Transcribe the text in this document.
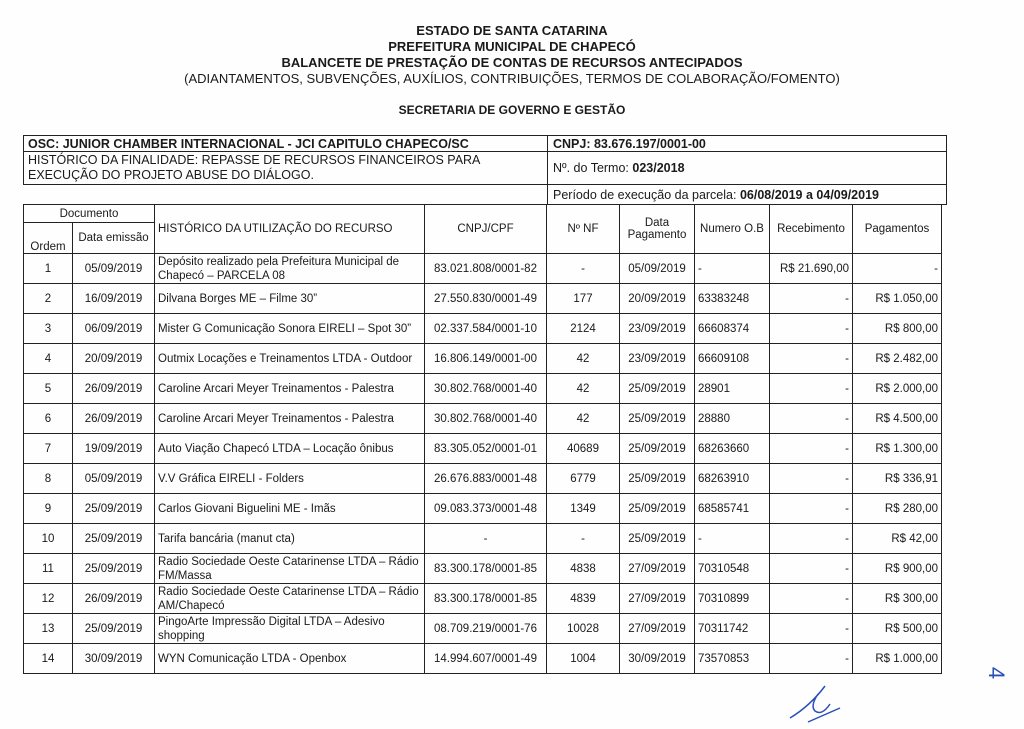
ESTADO DE SANTA CATARINA
PREFEITURA MUNICIPAL DE CHAPECÓ
BALANCETE DE PRESTAÇÃO DE CONTAS DE RECURSOS ANTECIPADOS
(ADIANTAMENTOS, SUBVENÇÕES, AUXÍLIOS, CONTRIBUIÇÕES, TERMOS DE COLABORAÇÃO/FOMENTO)
SECRETARIA DE GOVERNO E GESTÃO
OSC: JUNIOR CHAMBER INTERNACIONAL - JCI CAPITULO CHAPECO/SC	CNPJ: 83.676.197/0001-00
HISTÓRICO DA FINALIDADE: REPASSE DE RECURSOS FINANCEIROS PARA
EXECUÇÃO DO PROJETO ABUSE DO DIÁLOGO.	Nº. do Termo: 023/2018
Período de execução da parcela: 06/08/2019 a 04/09/2019
Documento		HISTÓRICO DA UTILIZAÇÃO DO RECURSO	CNPJ/CPF	Nº NF	Data Pagamento	Numero O.B	Recebimento	Pagamentos
Ordem	Data emissão							
1	05/09/2019	Depósito realizado pela Prefeitura Municipal de Chapecó – PARCELA 08	83.021.808/0001-82	-	05/09/2019	-	R$ 21.690,00	-
2	16/09/2019	Dilvana Borges ME – Filme 30”	27.550.830/0001-49	177	20/09/2019	63383248	-	R$ 1.050,00
3	06/09/2019	Mister G Comunicação Sonora EIRELI – Spot 30”	02.337.584/0001-10	2124	23/09/2019	66608374	-	R$ 800,00
4	20/09/2019	Outmix Locações e Treinamentos LTDA - Outdoor	16.806.149/0001-00	42	23/09/2019	66609108	-	R$ 2.482,00
5	26/09/2019	Caroline Arcari Meyer Treinamentos - Palestra	30.802.768/0001-40	42	25/09/2019	28901	-	R$ 2.000,00
6	26/09/2019	Caroline Arcari Meyer Treinamentos - Palestra	30.802.768/0001-40	42	25/09/2019	28880	-	R$ 4.500,00
7	19/09/2019	Auto Viação Chapecó LTDA – Locação ônibus	83.305.052/0001-01	40689	25/09/2019	68263660	-	R$ 1.300,00
8	05/09/2019	V.V Gráfica EIRELI - Folders	26.676.883/0001-48	6779	25/09/2019	68263910	-	R$ 336,91
9	25/09/2019	Carlos Giovani Biguelini ME - Imãs	09.083.373/0001-48	1349	25/09/2019	68585741	-	R$ 280,00
10	25/09/2019	Tarifa bancária (manut cta)	-	-	25/09/2019	-	-	R$ 42,00
11	25/09/2019	Radio Sociedade Oeste Catarinense LTDA – Rádio FM/Massa	83.300.178/0001-85	4838	27/09/2019	70310548	-	R$ 900,00
12	26/09/2019	Radio Sociedade Oeste Catarinense LTDA – Rádio AM/Chapecó	83.300.178/0001-85	4839	27/09/2019	70310899	-	R$ 300,00
13	25/09/2019	PingoArte Impressão Digital LTDA – Adesivo shopping	08.709.219/0001-76	10028	27/09/2019	70311742	-	R$ 500,00
14	30/09/2019	WYN Comunicação LTDA - Openbox	14.994.607/0001-49	1004	30/09/2019	73570853	-	R$ 1.000,00
4
